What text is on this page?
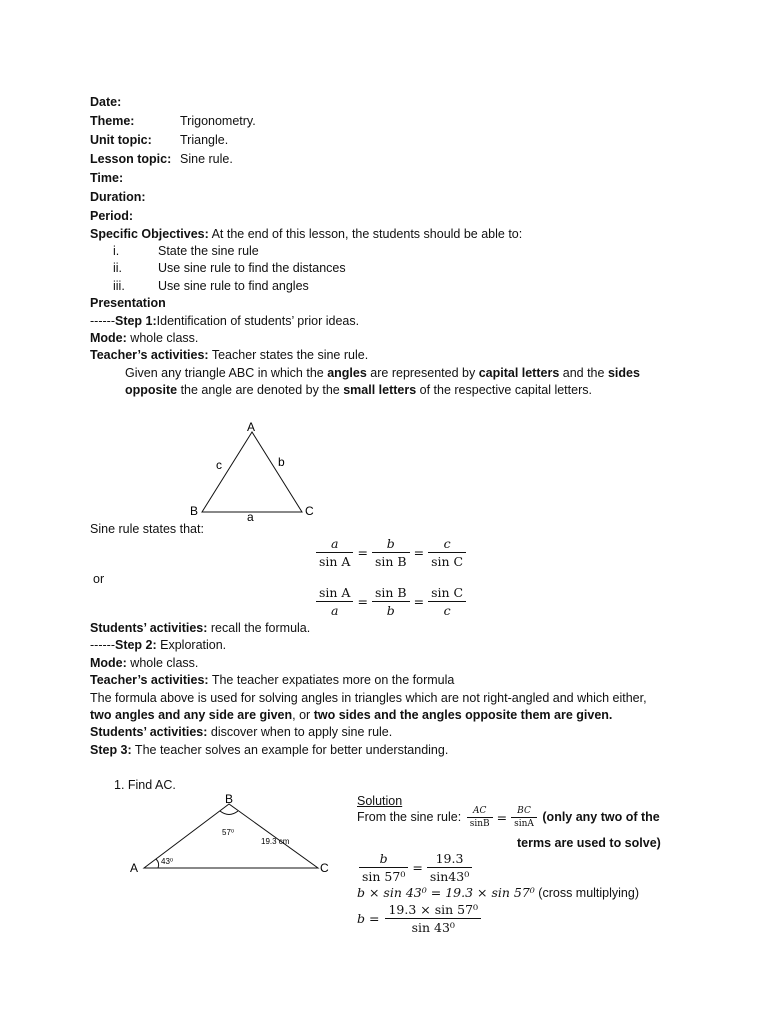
Date:
Theme:	Trigonometry.
Unit topic: Triangle.
Lesson topic: Sine rule.
Time:
Duration:
Period:
Specific Objectives: At the end of this lesson, the students should be able to:
i.	State the sine rule
ii.	Use sine rule to find the distances
iii.	Use sine rule to find angles
Presentation
------Step 1:Identification of students’ prior ideas.
Mode: whole class.
Teacher’s activities: Teacher states the sine rule.
Given any triangle ABC in which the angles are represented by capital letters and the sides
opposite the angle are denoted by the small letters of the respective capital letters.
A
B	C
c	b
a
Sine rule states that:
$\frac{a}{\text{sin A}} = \frac{b}{\text{sin B}} = \frac{c}{\text{sin C}}$
or
$\frac{\text{sin A}}{a} = \frac{\text{sin B}}{b} = \frac{\text{sin C}}{c}$
Students’ activities: recall the formula.
------Step 2: Exploration.
Mode: whole class.
Teacher’s activities: The teacher expatiates more on the formula
The formula above is used for solving angles in triangles which are not right-angled and which either,
two angles and any side are given, or two sides and the angles opposite them are given.
Students’ activities: discover when to apply sine rule.
Step 3: The teacher solves an example for better understanding.
1. Find AC.
B
A	C
57⁰
43⁰
19.3 cm
Solution
From the sine rule: $\frac{AC}{\sin B} = \frac{BC}{\sin A}$ (only any two of the
terms are used to solve)
$\frac{b}{\text{sin 57⁰}} = \frac{19.3}{\text{sin43⁰}}$
b × sin 43⁰ = 19.3 × sin 57⁰ (cross multiplying)
$b = \frac{\text{19.3 × sin 57⁰}}{\text{sin 43⁰}}$
